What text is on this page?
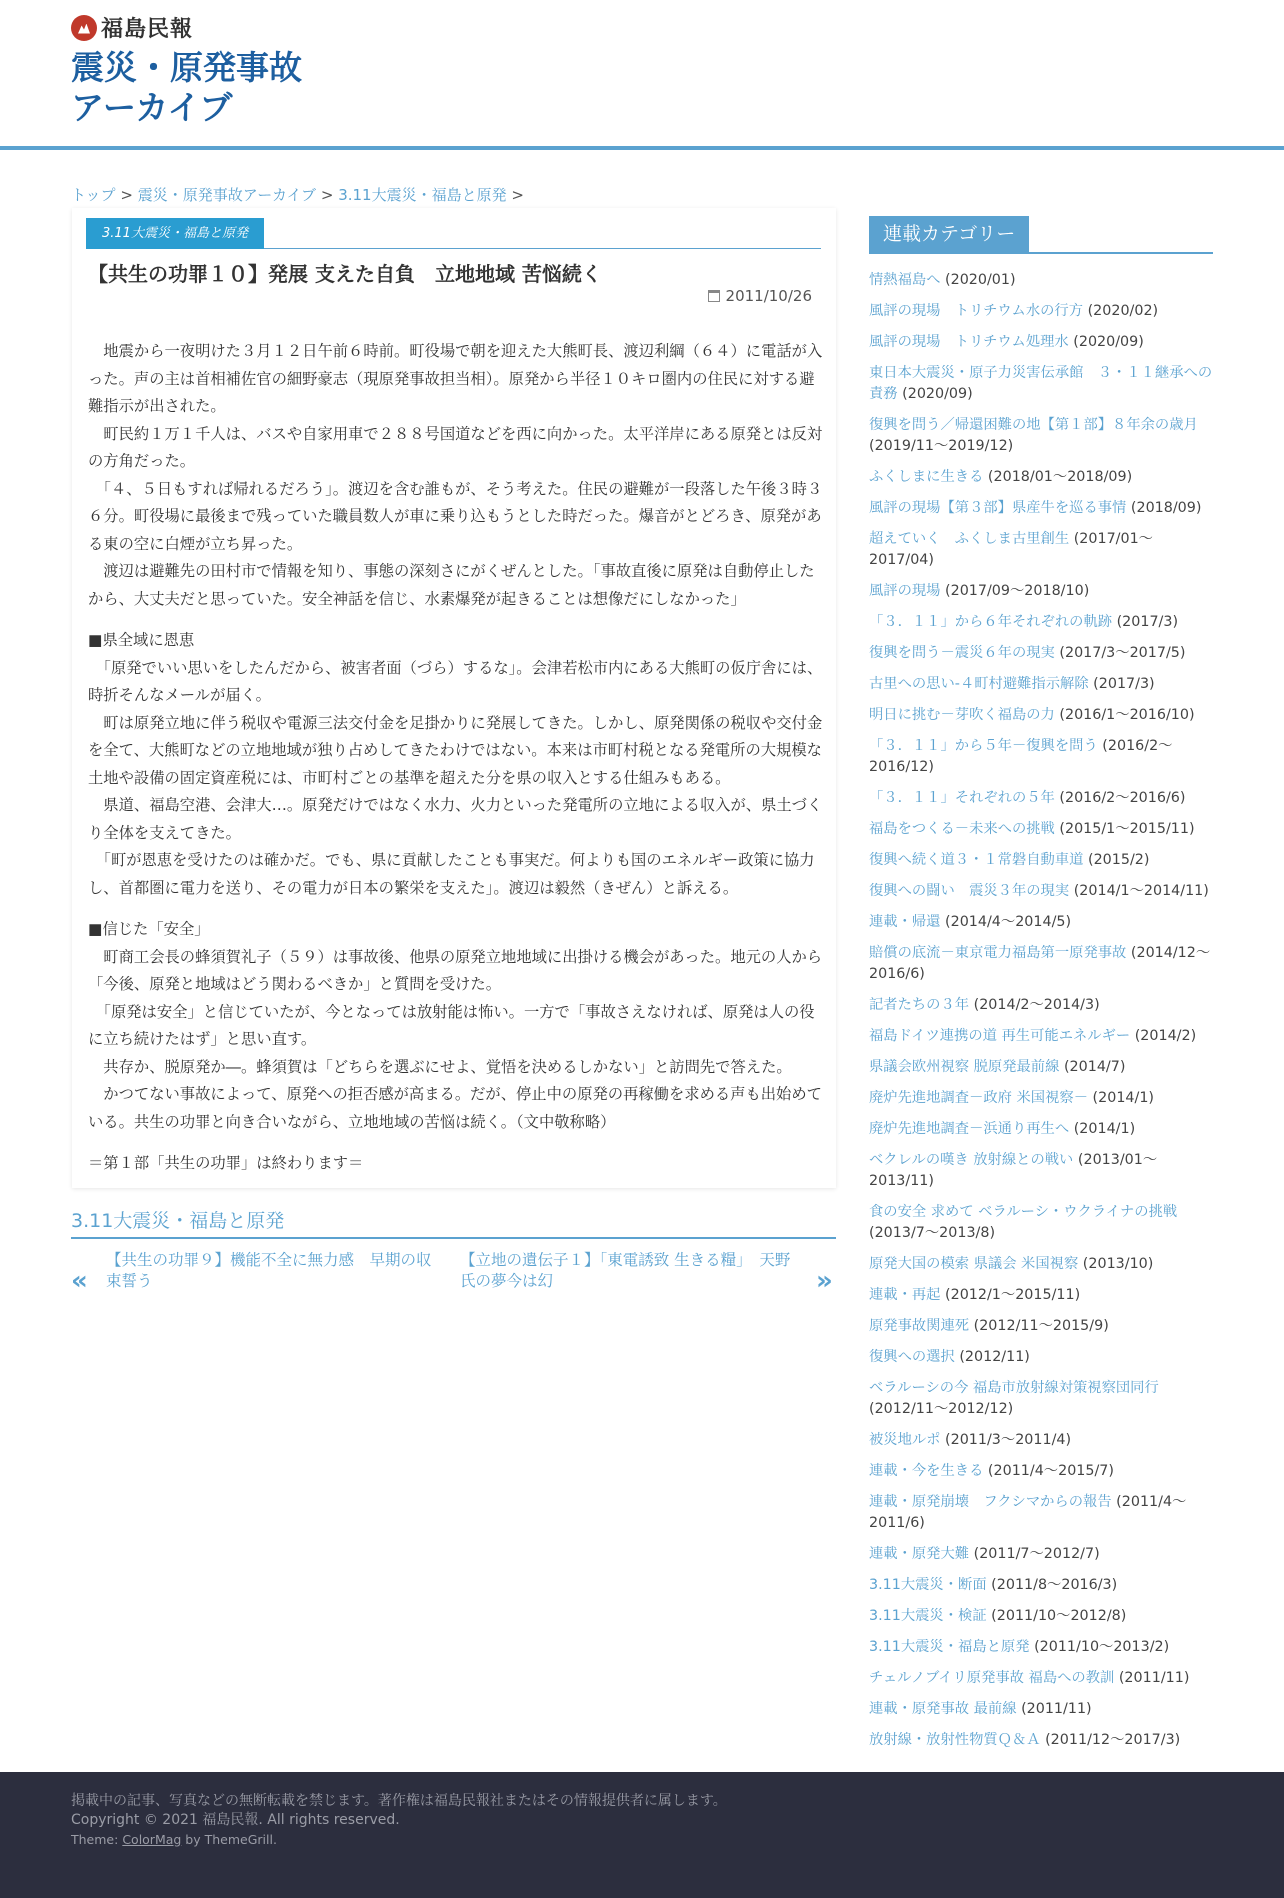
福島民報
震災・原発事故
アーカイブ
トップ > 震災・原発事故アーカイブ > 3.11大震災・福島と原発 >
3.11大震災・福島と原発
【共生の功罪１０】発展 支えた自負　立地地域 苦悩続く
2011/10/26

　地震から一夜明けた３月１２日午前６時前。町役場で朝を迎えた大熊町長、渡辺利綱（６４）に電話が入った。声の主は首相補佐官の細野豪志（現原発事故担当相）。原発から半径１０キロ圏内の住民に対する避難指示が出された。
　町民約１万１千人は、バスや自家用車で２８８号国道などを西に向かった。太平洋岸にある原発とは反対の方角だった。
　「４、５日もすれば帰れるだろう」。渡辺を含む誰もが、そう考えた。住民の避難が一段落した午後３時３６分。町役場に最後まで残っていた職員数人が車に乗り込もうとした時だった。爆音がとどろき、原発がある東の空に白煙が立ち昇った。
　渡辺は避難先の田村市で情報を知り、事態の深刻さにがくぜんとした。「事故直後に原発は自動停止したから、大丈夫だと思っていた。安全神話を信じ、水素爆発が起きることは想像だにしなかった」

■県全域に恩恵
　「原発でいい思いをしたんだから、被害者面（づら）するな」。会津若松市内にある大熊町の仮庁舎には、時折そんなメールが届く。
　町は原発立地に伴う税収や電源三法交付金を足掛かりに発展してきた。しかし、原発関係の税収や交付金を全て、大熊町などの立地地域が独り占めしてきたわけではない。本来は市町村税となる発電所の大規模な土地や設備の固定資産税には、市町村ごとの基準を超えた分を県の収入とする仕組みもある。
　県道、福島空港、会津大…。原発だけではなく水力、火力といった発電所の立地による収入が、県土づくり全体を支えてきた。
　「町が恩恵を受けたのは確かだ。でも、県に貢献したことも事実だ。何よりも国のエネルギー政策に協力し、首都圏に電力を送り、その電力が日本の繁栄を支えた」。渡辺は毅然（きぜん）と訴える。

■信じた「安全」
　町商工会長の蜂須賀礼子（５９）は事故後、他県の原発立地地域に出掛ける機会があった。地元の人から「今後、原発と地域はどう関わるべきか」と質問を受けた。
　「原発は安全」と信じていたが、今となっては放射能は怖い。一方で「事故さえなければ、原発は人の役に立ち続けたはず」と思い直す。
　共存か、脱原発か―。蜂須賀は「どちらを選ぶにせよ、覚悟を決めるしかない」と訪問先で答えた。
　かつてない事故によって、原発への拒否感が高まる。だが、停止中の原発の再稼働を求める声も出始めている。共生の功罪と向き合いながら、立地地域の苦悩は続く。（文中敬称略）

＝第１部「共生の功罪」は終わります＝

3.11大震災・福島と原発
«
【共生の功罪９】機能不全に無力感　早期の収束誓う
【立地の遺伝子１】「東電誘致 生きる糧」　天野氏の夢今は幻	»
連載カテゴリー
情熱福島へ (2020/01)
風評の現場　トリチウム水の行方 (2020/02)
風評の現場　トリチウム処理水 (2020/09)
東日本大震災・原子力災害伝承館　３・１１継承への責務 (2020/09)
復興を問う／帰還困難の地【第１部】８年余の歳月 (2019/11～2019/12)
ふくしまに生きる (2018/01～2018/09)
風評の現場【第３部】県産牛を巡る事情 (2018/09)
超えていく　ふくしま古里創生 (2017/01～2017/04)
風評の現場 (2017/09～2018/10)
「３．１１」から６年それぞれの軌跡 (2017/3)
復興を問う－震災６年の現実 (2017/3～2017/5)
古里への思い-４町村避難指示解除 (2017/3)
明日に挑む－芽吹く福島の力 (2016/1～2016/10)
「３．１１」から５年－復興を問う (2016/2～2016/12)
「３．１１」それぞれの５年 (2016/2～2016/6)
福島をつくる－未来への挑戦 (2015/1～2015/11)
復興へ続く道３・１常磐自動車道 (2015/2)
復興への闘い　震災３年の現実 (2014/1～2014/11)
連載・帰還 (2014/4～2014/5)
賠償の底流－東京電力福島第一原発事故 (2014/12～2016/6)
記者たちの３年 (2014/2～2014/3)
福島ドイツ連携の道 再生可能エネルギー (2014/2)
県議会欧州視察 脱原発最前線 (2014/7)
廃炉先進地調査－政府 米国視察－ (2014/1)
廃炉先進地調査－浜通り再生へ (2014/1)
ベクレルの嘆き 放射線との戦い (2013/01～2013/11)
食の安全 求めて ベラルーシ・ウクライナの挑戦 (2013/7～2013/8)
原発大国の模索 県議会 米国視察 (2013/10)
連載・再起 (2012/1～2015/11)
原発事故関連死 (2012/11～2015/9)
復興への選択 (2012/11)
ベラルーシの今 福島市放射線対策視察団同行 (2012/11～2012/12)
被災地ルポ (2011/3～2011/4)
連載・今を生きる (2011/4～2015/7)
連載・原発崩壊　フクシマからの報告 (2011/4～2011/6)
連載・原発大難 (2011/7～2012/7)
3.11大震災・断面 (2011/8～2016/3)
3.11大震災・検証 (2011/10～2012/8)
3.11大震災・福島と原発 (2011/10～2013/2)
チェルノブイリ原発事故 福島への教訓 (2011/11)
連載・原発事故 最前線 (2011/11)
放射線・放射性物質Ｑ＆Ａ (2011/12～2017/3)
掲載中の記事、写真などの無断転載を禁じます。著作権は福島民報社またはその情報提供者に属します。
Copyright © 2021 福島民報. All rights reserved.
Theme: ColorMag by ThemeGrill.
